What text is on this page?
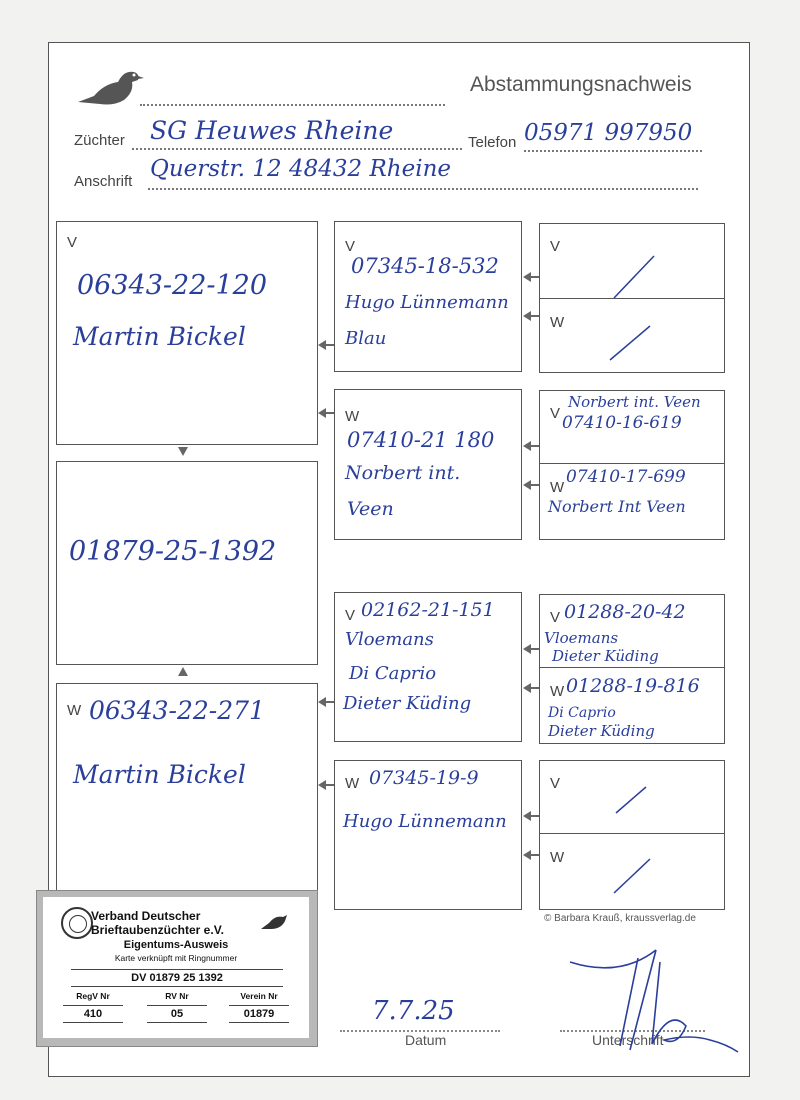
Abstammungsnachweis
Züchter SG Heuwes Rheine	Telefon 05971 997950
Anschrift Querstr. 12 48432 Rheine
V
06343-22-120
Martin Bickel
01879-25-1392
W 06343-22-271
Martin Bickel
V
07345-18-532
Hugo Lünnemann
Blau
W
07410-21 180
Norbert int.
Veen
V 02162-21-151
Vloemans
Di Caprio
Dieter Küding
W 07345-19-9
Hugo Lünnemann
V
W
V
Norbert int. Veen
07410-16-619
W
07410-17-699
Norbert Int Veen
V 01288-20-42
Vloemans
Dieter Küding
W 01288-19-816
Di Caprio
Dieter Küding
V
W
© Barbara Krauß, kraussverlag.de
7.7.25
Datum	Unterschrift
Verband Deutscher
Brieftaubenzüchter e.V.
Eigentums-Ausweis
Karte verknüpft mit Ringnummer
DV 01879 25 1392
RegV Nr	RV Nr	Verein Nr
410	05	01879
